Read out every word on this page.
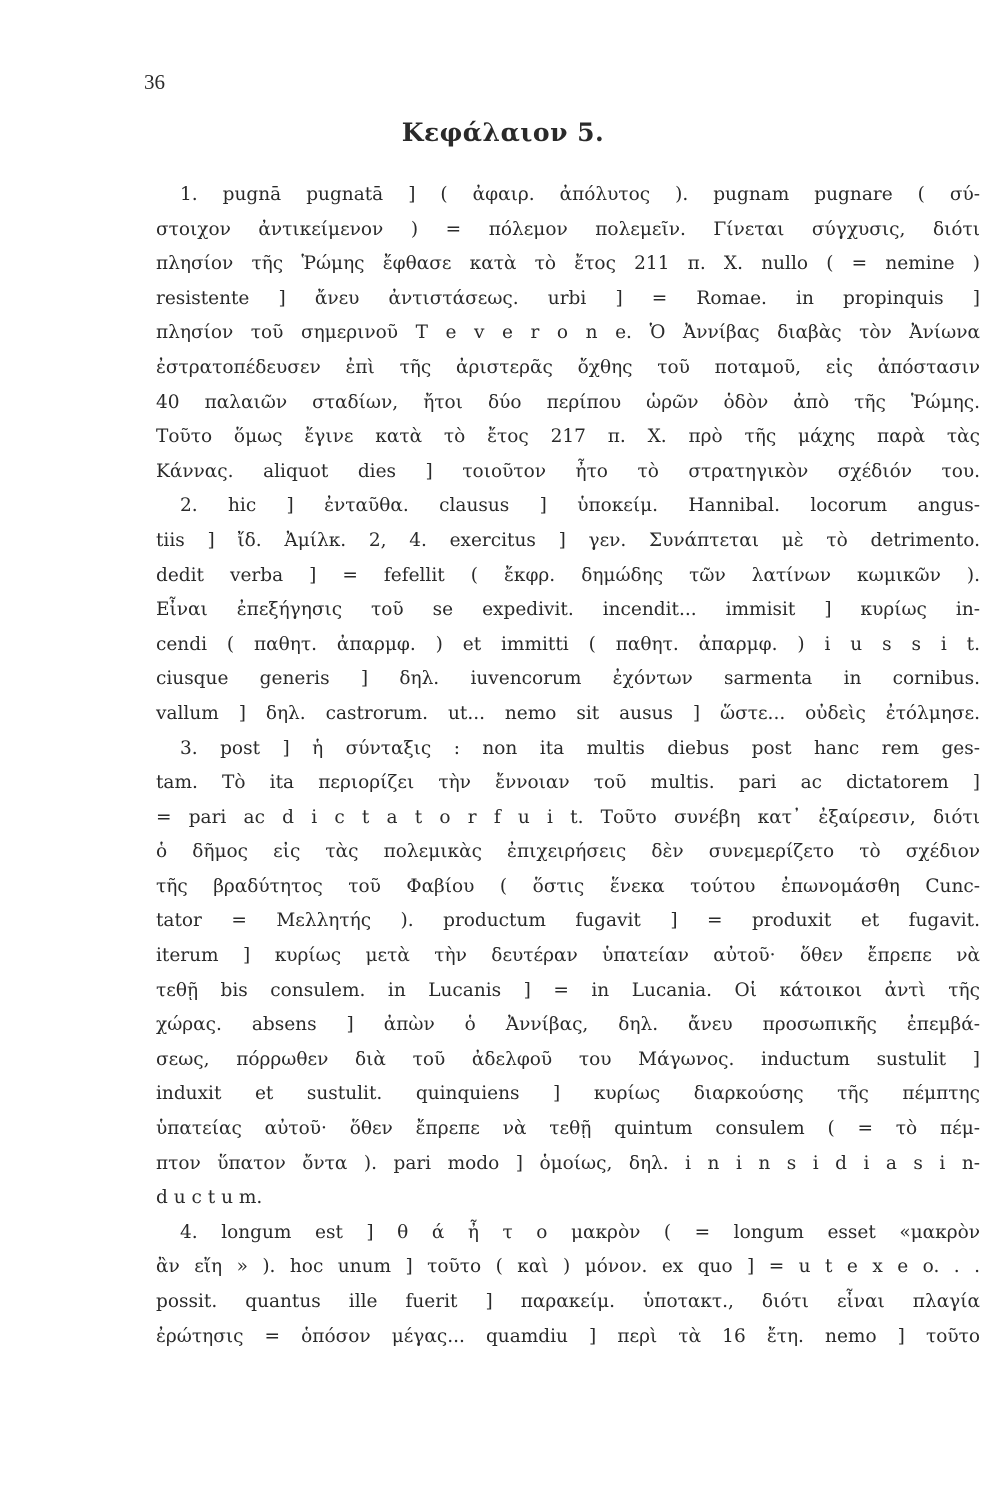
36
Κεφάλαιον 5.
1. pugnā pugnatā ] ( ἀφαιρ. ἀπόλυτος ). pugnam pugnare ( σύ-
στοιχον ἀντικείμενον ) = πόλεμον πολεμεῖν. Γίνεται σύγχυσις, διότι
πλησίον τῆς Ῥώμης ἔφθασε κατὰ τὸ ἔτος 211 π. Χ. nullo ( = nemine )
resistente ] ἄνευ ἀντιστάσεως. urbi ] = Romae. in propinquis ]
πλησίον τοῦ σημερινοῦ T e v e r o n e. Ὁ Ἀννίβας διαβὰς τὸν Ἀνίωνα
ἐστρατοπέδευσεν ἐπὶ τῆς ἀριστερᾶς ὄχθης τοῦ ποταμοῦ, εἰς ἀπόστασιν
40 παλαιῶν σταδίων, ἤτοι δύο περίπου ὡρῶν ὁδὸν ἀπὸ τῆς Ῥώμης.
Τοῦτο ὅμως ἔγινε κατὰ τὸ ἔτος 217 π. Χ. πρὸ τῆς μάχης παρὰ τὰς
Κάννας. aliquot dies ] τοιοῦτον ἦτο τὸ στρατηγικὸν σχέδιόν του.
2. hic ] ἐνταῦθα. clausus ] ὑποκείμ. Hannibal. locorum angus-
tiis ] ἴδ. Ἀμίλκ. 2, 4. exercitus ] γεν. Συνάπτεται μὲ τὸ detrimento.
dedit verba ] = fefellit ( ἔκφρ. δημώδης τῶν λατίνων κωμικῶν ).
Εἶναι ἐπεξήγησις τοῦ se expedivit. incendit... immisit ] κυρίως in-
cendi ( παθητ. ἀπαρμφ. ) et immitti ( παθητ. ἀπαρμφ. ) i u s s i t.
ciusque generis ] δηλ. iuvencorum ἐχόντων sarmenta in cornibus.
vallum ] δηλ. castrorum. ut... nemo sit ausus ] ὥστε... οὐδεὶς ἐτόλμησε.
3. post ] ἡ σύνταξις : non ita multis diebus post hanc rem ges-
tam. Τὸ ita περιορίζει τὴν ἔννοιαν τοῦ multis. pari ac dictatorem ]
= pari ac d i c t a t o r f u i t. Τοῦτο συνέβη κατ᾽ ἐξαίρεσιν, διότι
ὁ δῆμος εἰς τὰς πολεμικὰς ἐπιχειρήσεις δὲν συνεμερίζετο τὸ σχέδιον
τῆς βραδύτητος τοῦ Φαβίου ( ὅστις ἕνεκα τούτου ἐπωνομάσθη Cunc-
tator = Μελλητής ). productum fugavit ] = produxit et fugavit.
iterum ] κυρίως μετὰ τὴν δευτέραν ὑπατείαν αὐτοῦ· ὅθεν ἔπρεπε νὰ
τεθῇ bis consulem. in Lucanis ] = in Lucania. Οἱ κάτοικοι ἀντὶ τῆς
χώρας. absens ] ἀπὼν ὁ Ἀννίβας, δηλ. ἄνευ προσωπικῆς ἐπεμβά-
σεως, πόρρωθεν διὰ τοῦ ἀδελφοῦ του Μάγωνος. inductum sustulit ]
induxit et sustulit. quinquiens ] κυρίως διαρκούσης τῆς πέμπτης
ὑπατείας αὐτοῦ· ὅθεν ἔπρεπε νὰ τεθῇ quintum consulem ( = τὸ πέμ-
πτον ὕπατον ὄντα ). pari modo ] ὁμοίως, δηλ. i n i n s i d i a s i n-
d u c t u m.
4. longum est ] θ ά ἦ τ ο μακρὸν ( = longum esset «μακρὸν
ἂν εἴη » ). hoc unum ] τοῦτο ( καὶ ) μόνον. ex quo ] = u t e x e o. . .
possit. quantus ille fuerit ] παρακείμ. ὑποτακτ., διότι εἶναι πλαγία
ἐρώτησις = ὁπόσον μέγας... quamdiu ] περὶ τὰ 16 ἔτη. nemo ] τοῦτο
